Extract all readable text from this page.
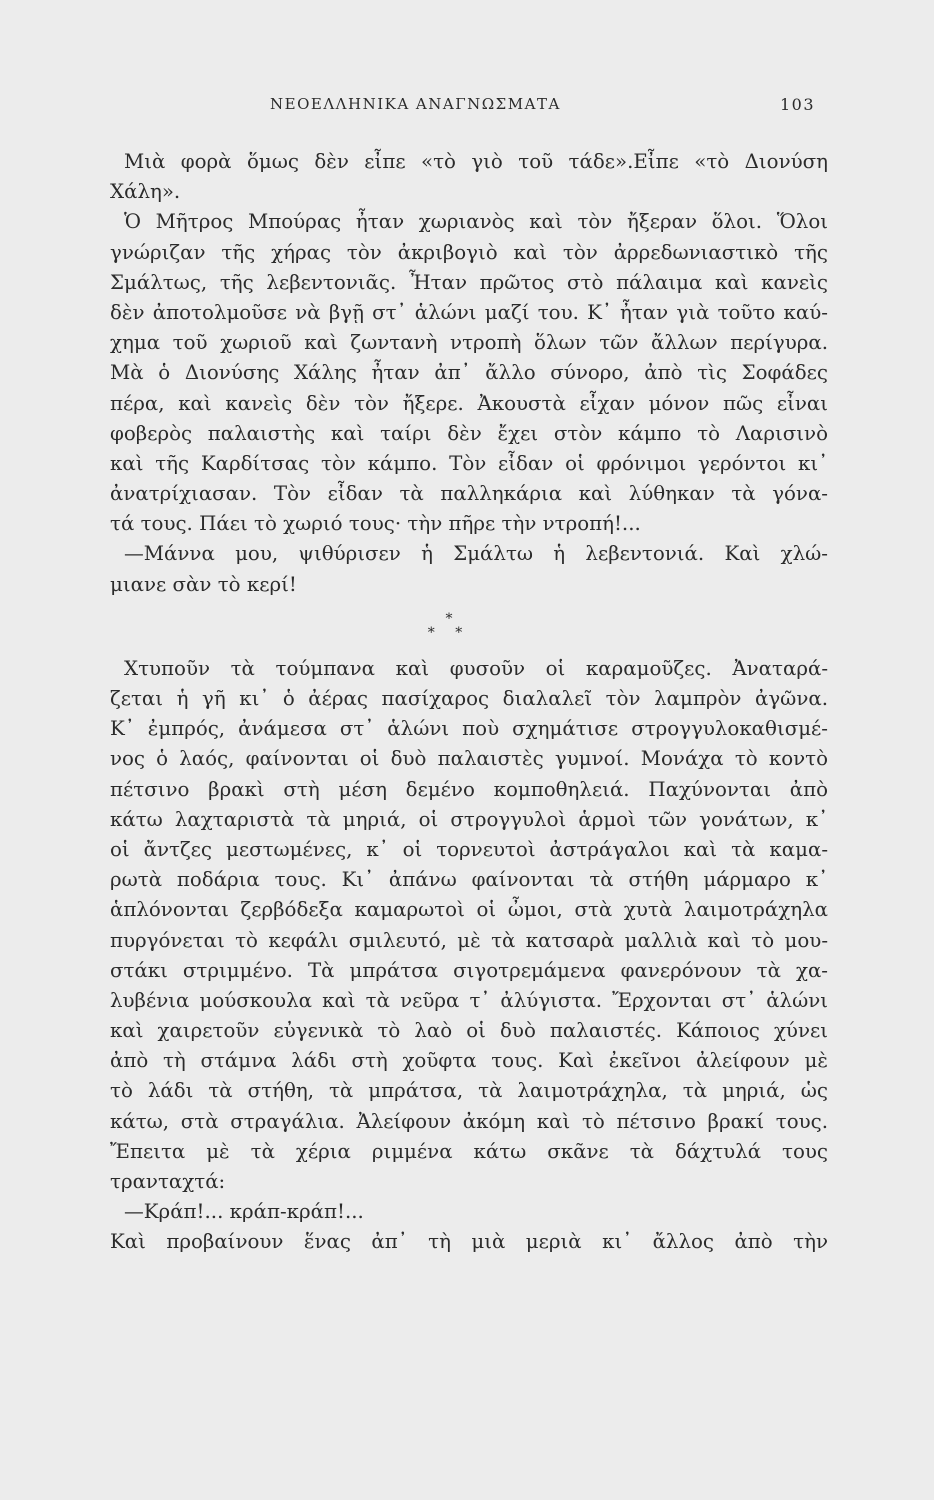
ΝΕΟΕΛΛΗΝΙΚΑ ΑΝΑΓΝΩΣΜΑΤΑ	103
Μιὰ φορὰ ὅμως δὲν εἶπε «τὸ γιὸ τοῦ τάδε».Εἶπε «τὸ Διονύση
Χάλη».
Ὁ Μῆτρος Μπούρας ἦταν χωριανὸς καὶ τὸν ἤξεραν ὅλοι. Ὅλοι
γνώριζαν τῆς χήρας τὸν ἀκριβογιὸ καὶ τὸν ἀρρεδωνιαστικὸ τῆς
Σμάλτως, τῆς λεβεντονιᾶς. Ἦταν πρῶτος στὸ πάλαιμα καὶ κανεὶς
δὲν ἀποτολμοῦσε νὰ βγῇ στ᾽ ἁλώνι μαζί του. Κ᾽ ἦταν γιὰ τοῦτο καύ-
χημα τοῦ χωριοῦ καὶ ζωντανὴ ντροπὴ ὅλων τῶν ἄλλων περίγυρα.
Μὰ ὁ Διονύσης Χάλης ἦταν ἀπ᾽ ἄλλο σύνορο, ἀπὸ τὶς Σοφάδες
πέρα, καὶ κανεὶς δὲν τὸν ἤξερε. Ἀκουστὰ εἶχαν μόνον πῶς εἶναι
φοβερὸς παλαιστὴς καὶ ταίρι δὲν ἔχει στὸν κάμπο τὸ Λαρισινὸ
καὶ τῆς Καρδίτσας τὸν κάμπο. Τὸν εἶδαν οἱ φρόνιμοι γερόντοι κι᾽
ἀνατρίχιασαν. Τὸν εἶδαν τὰ παλληκάρια καὶ λύθηκαν τὰ γόνα-
τά τους. Πάει τὸ χωριό τους· τὴν πῆρε τὴν ντροπή!...
—Μάννα μου, ψιθύρισεν ἡ Σμάλτω ἡ λεβεντονιά. Καὶ χλώ-
μιανε σὰν τὸ κερί!
*
* *
Χτυποῦν τὰ τούμπανα καὶ φυσοῦν οἱ καραμοῦζες. Ἀναταρά-
ζεται ἡ γῆ κι᾽ ὁ ἀέρας πασίχαρος διαλαλεῖ τὸν λαμπρὸν ἀγῶνα.
Κ᾽ ἐμπρός, ἀνάμεσα στ᾽ ἁλώνι ποὺ σχημάτισε στρογγυλοκαθισμέ-
νος ὁ λαός, φαίνονται οἱ δυὸ παλαιστὲς γυμνοί. Μονάχα τὸ κοντὸ
πέτσινο βρακὶ στὴ μέση δεμένο κομποθηλειά. Παχύνονται ἀπὸ
κάτω λαχταριστὰ τὰ μηριά, οἱ στρογγυλοὶ ἁρμοὶ τῶν γονάτων, κ᾽
οἱ ἄντζες μεστωμένες, κ᾽ οἱ τορνευτοὶ ἀστράγαλοι καὶ τὰ καμα-
ρωτὰ ποδάρια τους. Κι᾽ ἀπάνω φαίνονται τὰ στήθη μάρμαρο κ᾽
ἁπλόνονται ζερβόδεξα καμαρωτοὶ οἱ ὦμοι, στὰ χυτὰ λαιμοτράχηλα
πυργόνεται τὸ κεφάλι σμιλευτό, μὲ τὰ κατσαρὰ μαλλιὰ καὶ τὸ μου-
στάκι στριμμένο. Τὰ μπράτσα σιγοτρεμάμενα φανερόνουν τὰ χα-
λυβένια μούσκουλα καὶ τὰ νεῦρα τ᾽ ἀλύγιστα. Ἔρχονται στ᾽ ἁλώνι
καὶ χαιρετοῦν εὐγενικὰ τὸ λαὸ οἱ δυὸ παλαιστές. Κάποιος χύνει
ἀπὸ τὴ στάμνα λάδι στὴ χοῦφτα τους. Καὶ ἐκεῖνοι ἀλείφουν μὲ
τὸ λάδι τὰ στήθη, τὰ μπράτσα, τὰ λαιμοτράχηλα, τὰ μηριά, ὡς
κάτω, στὰ στραγάλια. Ἀλείφουν ἀκόμη καὶ τὸ πέτσινο βρακί τους.
Ἔπειτα μὲ τὰ χέρια ριμμένα κάτω σκᾶνε τὰ δάχτυλά τους
τρανταχτά:
—Κράπ!... κράπ-κράπ!...
Καὶ προβαίνουν ἕνας ἀπ᾽ τὴ μιὰ μεριὰ κι᾽ ἄλλος ἀπὸ τὴν
